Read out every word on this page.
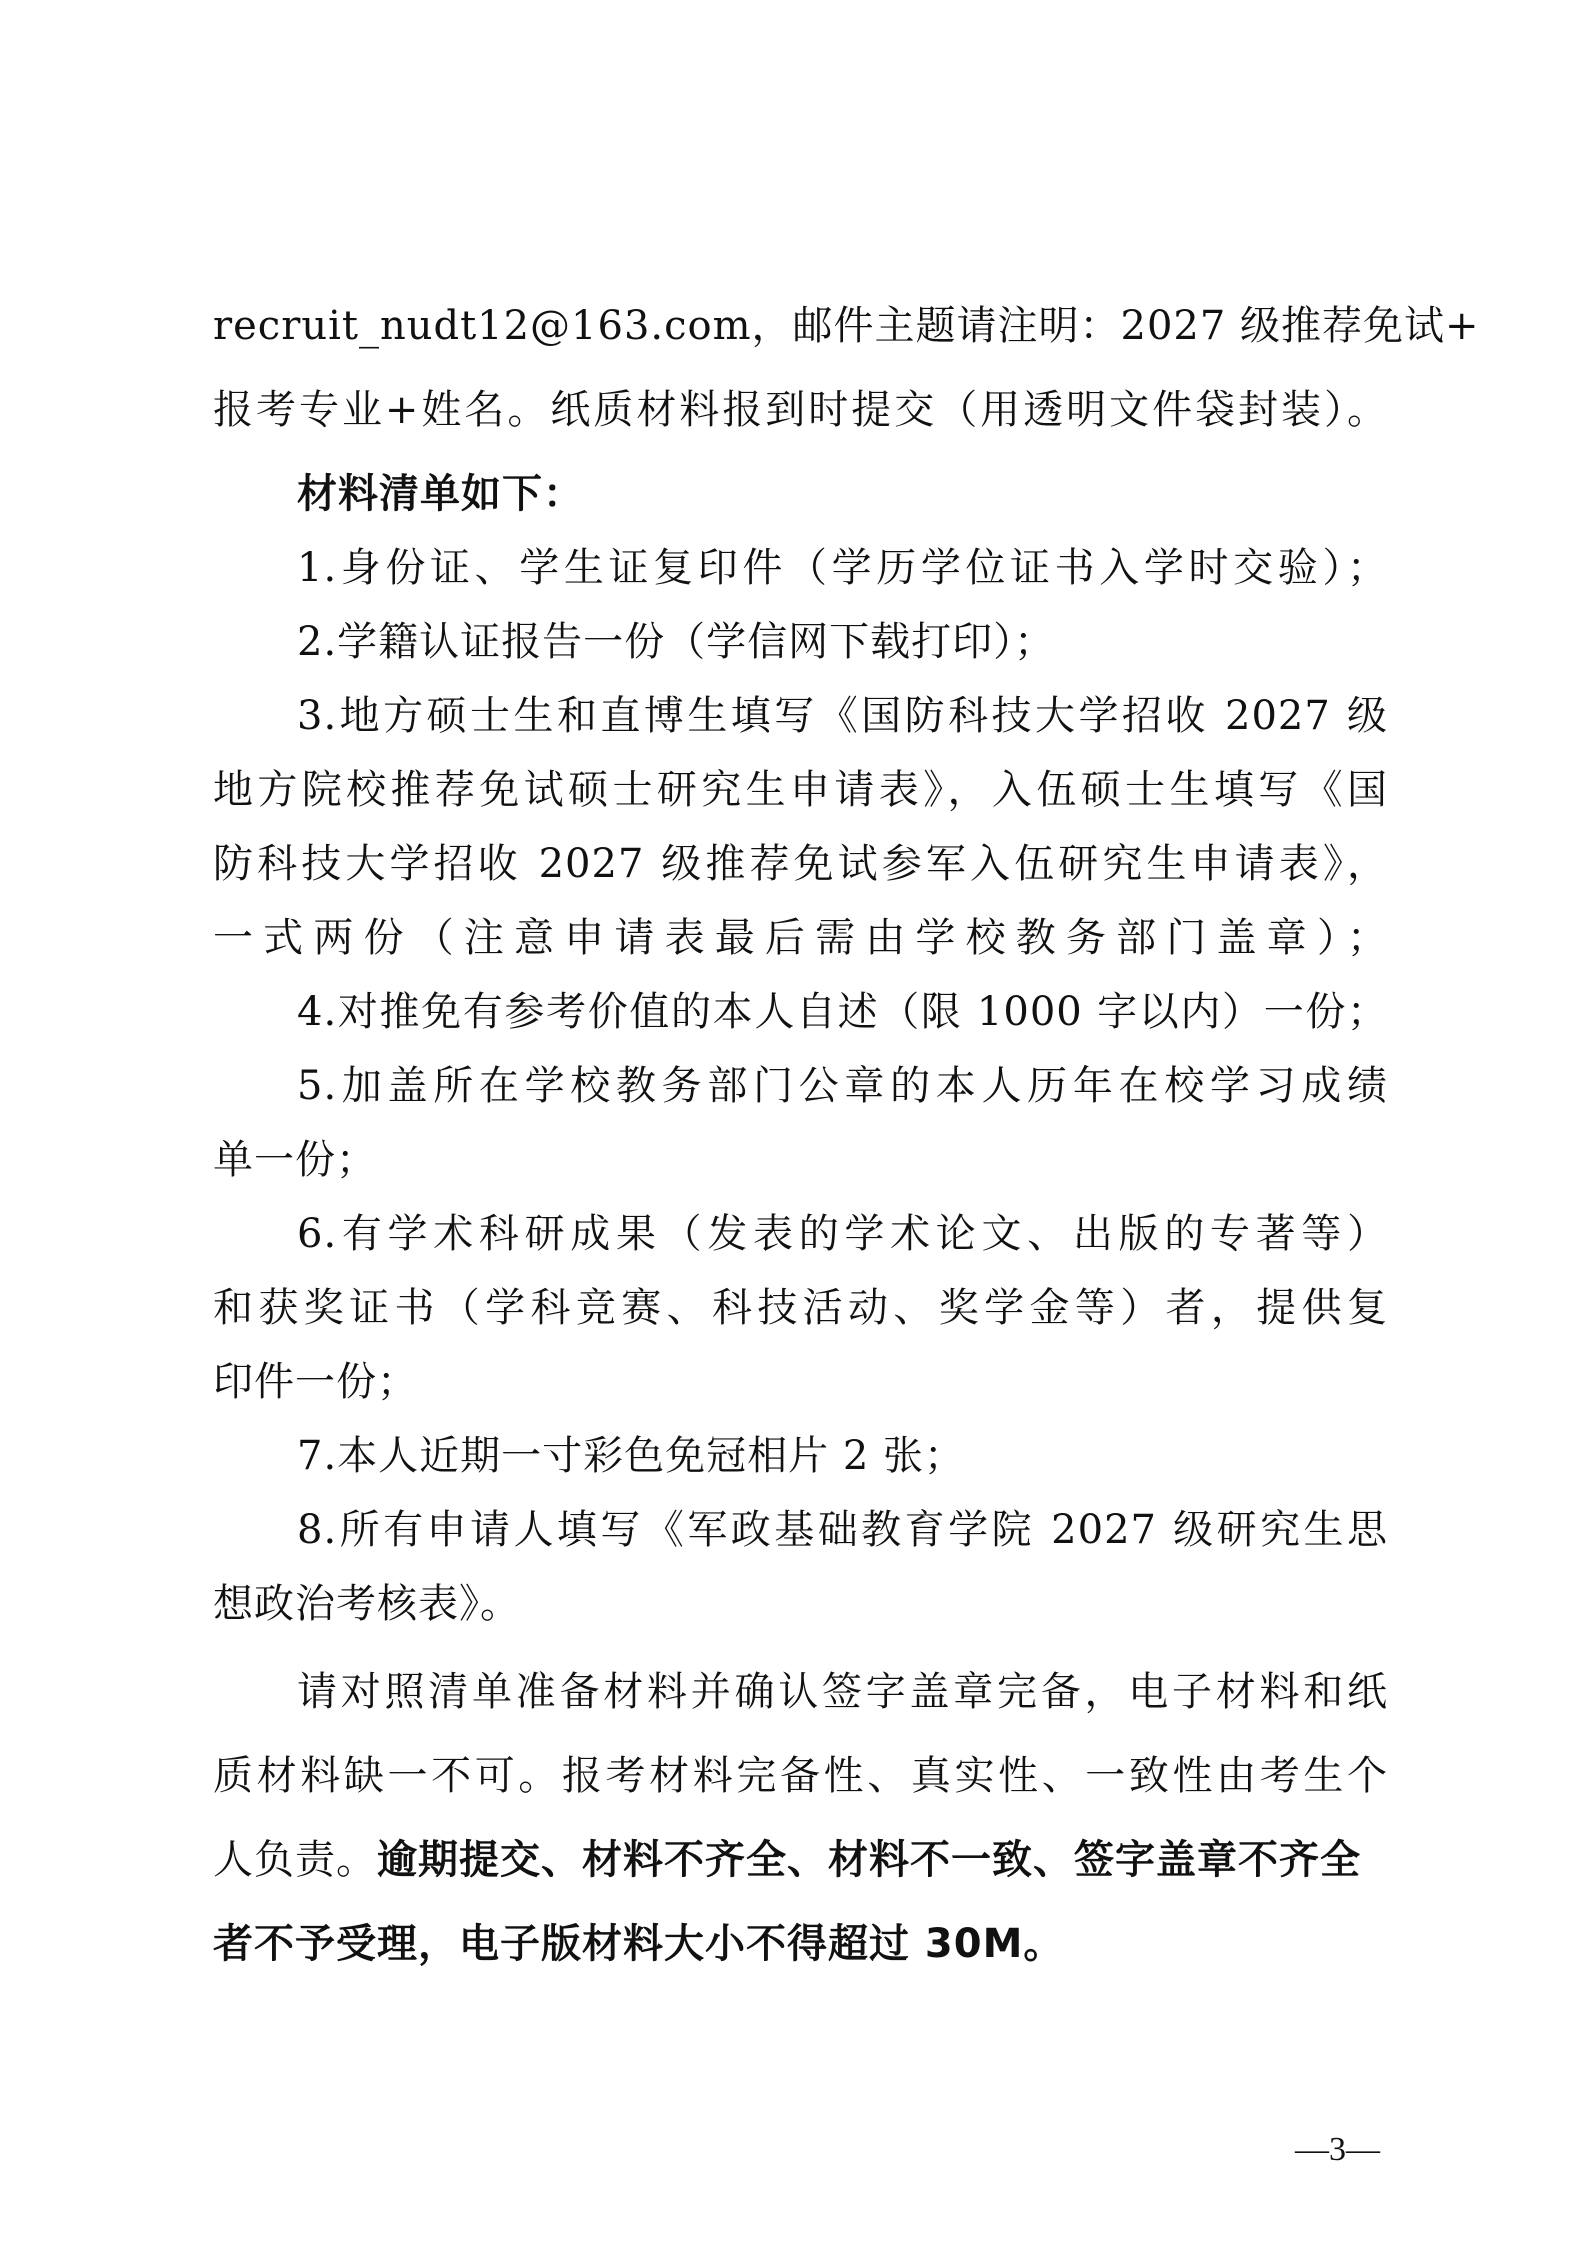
recruit_nudt12@163.com，邮件主题请注明：2027 级推荐免试+
报考专业+姓名。纸质材料报到时提交（用透明文件袋封装）。
材料清单如下：
1.身份证、学生证复印件（学历学位证书入学时交验）；
2.学籍认证报告一份（学信网下载打印）；
3.地方硕士生和直博生填写《国防科技大学招收 2027 级
地方院校推荐免试硕士研究生申请表》，入伍硕士生填写《国
防科技大学招收 2027 级推荐免试参军入伍研究生申请表》，
一式两份（注意申请表最后需由学校教务部门盖章）；
4.对推免有参考价值的本人自述（限 1000 字以内）一份；
5.加盖所在学校教务部门公章的本人历年在校学习成绩
单一份；
6.有学术科研成果（发表的学术论文、出版的专著等）
和获奖证书（学科竞赛、科技活动、奖学金等）者，提供复
印件一份；
7.本人近期一寸彩色免冠相片 2 张；
8.所有申请人填写《军政基础教育学院 2027 级研究生思
想政治考核表》。
请对照清单准备材料并确认签字盖章完备，电子材料和纸
质材料缺一不可。报考材料完备性、真实性、一致性由考生个
人负责。逾期提交、材料不齐全、材料不一致、签字盖章不齐全
者不予受理，电子版材料大小不得超过 30M。
—3—
